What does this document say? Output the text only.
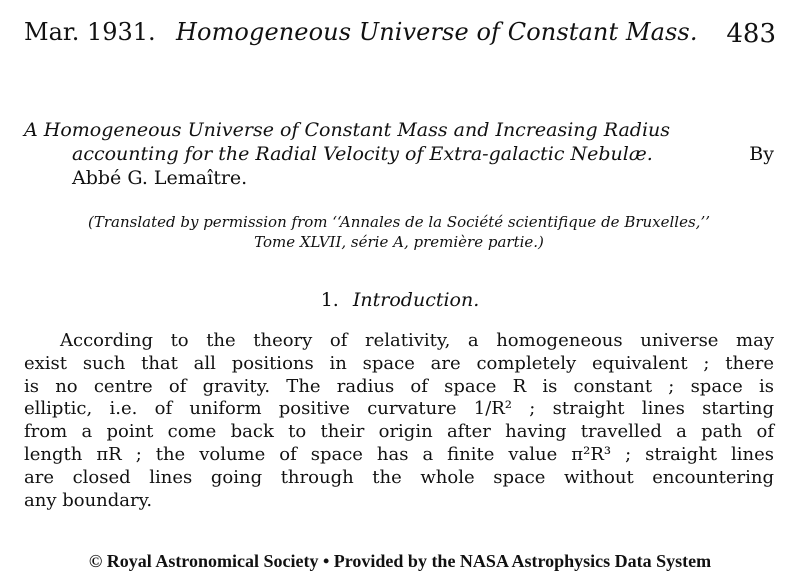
Mar. 1931. Homogeneous Universe of Constant Mass. 483
A Homogeneous Universe of Constant Mass and Increasing Radius
accounting for the Radial Velocity of Extra-galactic Nebulæ.	By
Abbé G. Lemaître.
(Translated by permission from ‘‘Annales de la Société scientifique de Bruxelles,’’
Tome XLVII, série A, première partie.)
1. Introduction.
According to the theory of relativity, a homogeneous universe may
exist such that all positions in space are completely equivalent ; there
is no centre of gravity. The radius of space R is constant ; space is
elliptic, i.e. of uniform positive curvature 1/R² ; straight lines starting
from a point come back to their origin after having travelled a path of
length πR ; the volume of space has a finite value π²R³ ; straight lines
are closed lines going through the whole space without encountering
any boundary.
© Royal Astronomical Society • Provided by the NASA Astrophysics Data System
